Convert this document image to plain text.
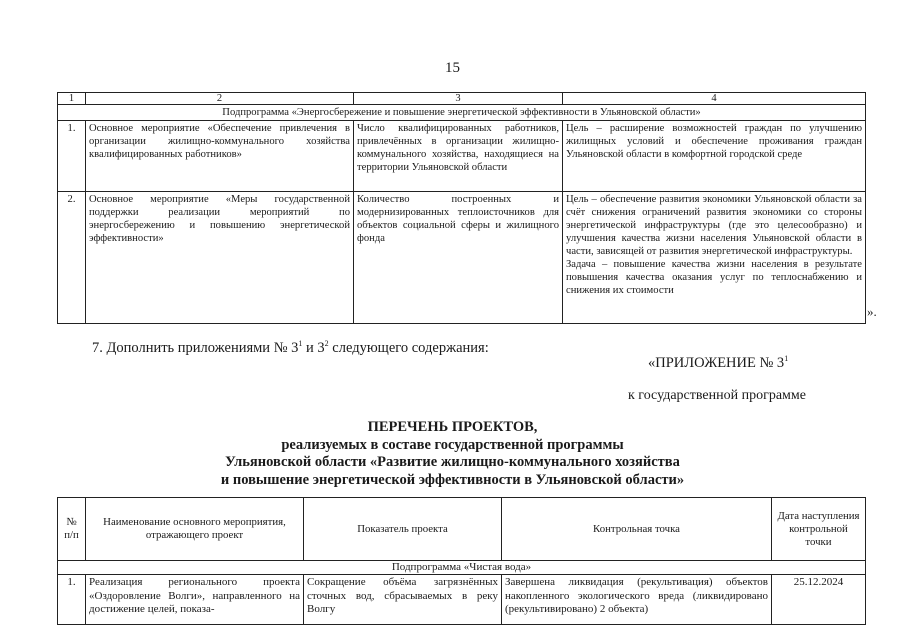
15
1	2	3	4
Подпрограмма «Энергосбережение и повышение энергетической эффективности в Ульяновской области»			
1.	Основное мероприятие «Обеспечение привлечения в организации жилищно-коммунального хозяйства квалифицированных работников»	Число квалифицированных работников, привлечённых в организации жилищно-коммунального хозяйства, находящиеся на территории Ульяновской области	Цель – расширение возможностей граждан по улучшению жилищных условий и обеспечение проживания граждан Ульяновской области в комфортной городской среде

2.	Основное мероприятие «Меры государственной поддержки реализации мероприятий по энергосбережению и повышению энергетической эффективности»	Количество построенных и модернизированных теплоисточников для объектов социальной сферы и жилищного фонда	Цель – обеспечение развития экономики Ульяновской области за счёт снижения ограничений развития экономики со стороны энергетической инфраструктуры (где это целесообразно) и улучшения качества жизни населения Ульяновской области в части, зависящей от развития энергетической инфраструктуры.
Задача – повышение качества жизни населения в результате повышения качества оказания услуг по теплоснабжению и снижения их стоимости
».
7. Дополнить приложениями № $3^1$ и $3^2$ следующего содержания:
«ПРИЛОЖЕНИЕ № $3^1$
к государственной программе
ПЕРЕЧЕНЬ ПРОЕКТОВ,
реализуемых в составе государственной программы
Ульяновской области «Развитие жилищно-коммунального хозяйства
и повышение энергетической эффективности в Ульяновской области»
№ п/п	Наименование основного мероприятия, отражающего проект	Показатель проекта	Контрольная точка	Дата наступления контрольной точки
Подпрограмма «Чистая вода»				
1.	Реализация регионального проекта «Оздоровление Волги», направленного на достижение целей, показа-	Сокращение объёма загрязнённых сточных вод, сбрасываемых в реку Волгу	Завершена ликвидация (рекультивация) объектов накопленного экологического вреда (ликвидировано (рекультивировано) 2 объекта)	25.12.2024
